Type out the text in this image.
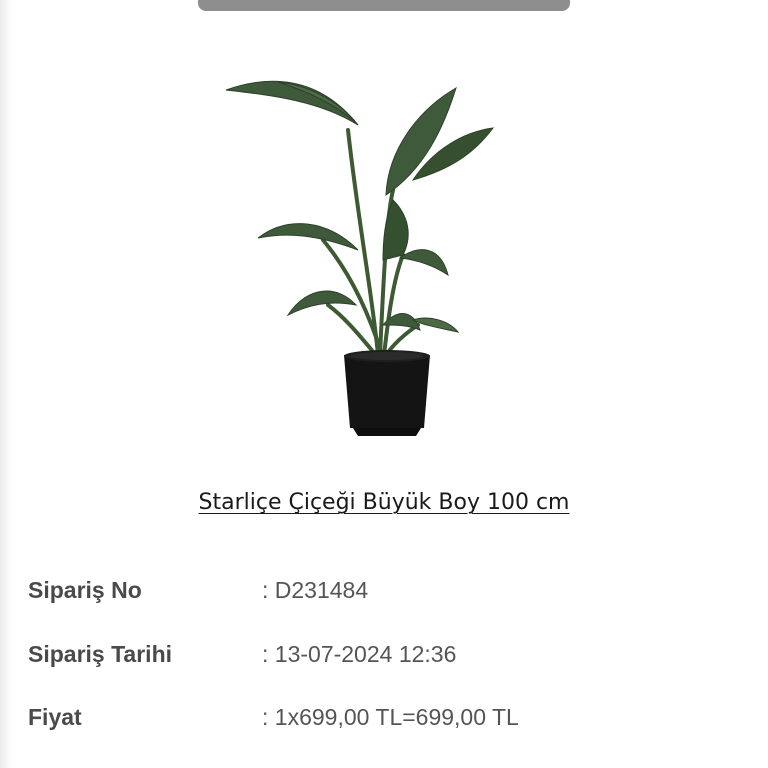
Starliçe Çiçeği Büyük Boy 100 cm
Sipariş No	: D231484
Sipariş Tarihi	: 13-07-2024 12:36
Fiyat	: 1x699,00 TL=699,00 TL
